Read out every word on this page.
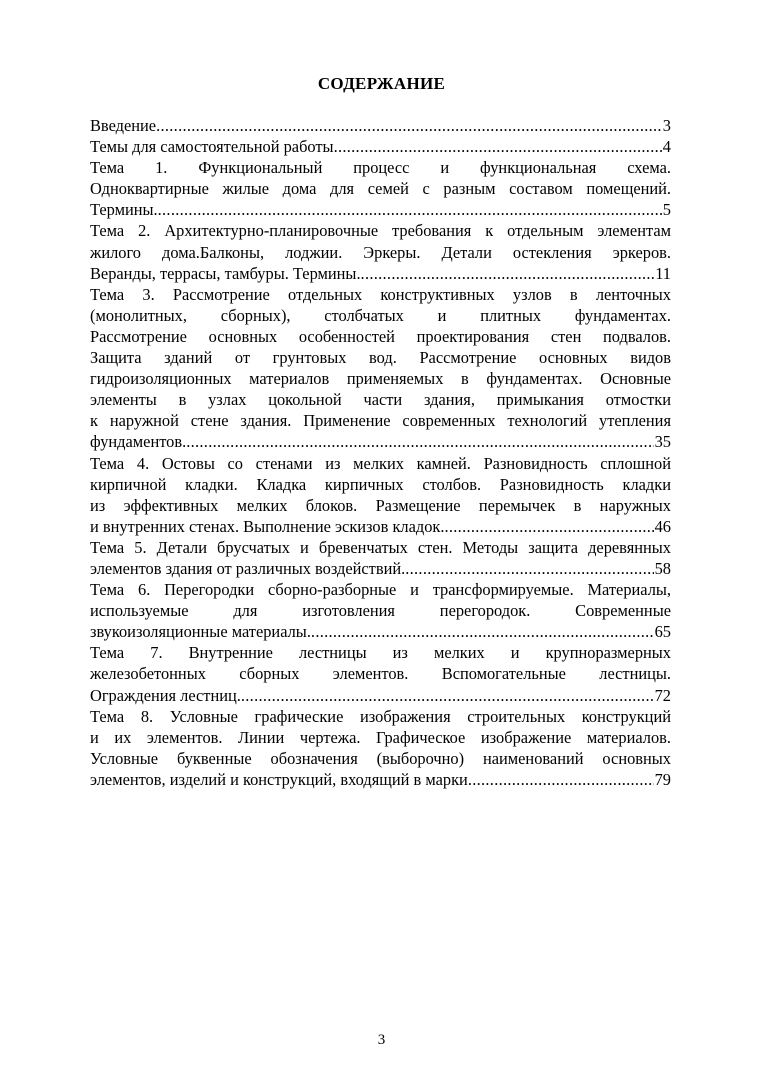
СОДЕРЖАНИЕ
Введение .....	3
Темы для самостоятельной работы .....	4
Тема 1. Функциональный процесс и функциональная схема.
Одноквартирные жилые дома для семей с разным составом помещений.
Термины. .....	5
Тема 2. Архитектурно-планировочные требования к отдельным элементам
жилого дома.Балконы, лоджии. Эркеры. Детали остекления эркеров.
Веранды, террасы, тамбуры. Термины. .....	11
Тема 3. Рассмотрение отдельных конструктивных узлов в ленточных
(монолитных, сборных), столбчатых и плитных фундаментах.
Рассмотрение основных особенностей проектирования стен подвалов.
Защита зданий от грунтовых вод. Рассмотрение основных видов
гидроизоляционных материалов применяемых в фундаментах. Основные
элементы в узлах цокольной части здания, примыкания отмостки
к наружной стене здания. Применение современных технологий утепления
фундаментов. .....	35
Тема 4. Остовы со стенами из мелких камней. Разновидность сплошной
кирпичной кладки. Кладка кирпичных столбов. Разновидность кладки
из эффективных мелких блоков. Размещение перемычек в наружных
и внутренних стенах. Выполнение эскизов кладок. .....	46
Тема 5. Детали брусчатых и бревенчатых стен. Методы защита деревянных
элементов здания от различных воздействий. .....	58
Тема 6. Перегородки сборно-разборные и трансформируемые. Материалы,
используемые для изготовления перегородок. Современные
звукоизоляционные материалы. .....	65
Тема 7. Внутренние лестницы из мелких и крупноразмерных
железобетонных сборных элементов. Вспомогательные лестницы.
Ограждения лестниц. .....	72
Тема 8. Условные графические изображения строительных конструкций
и их элементов. Линии чертежа. Графическое изображение материалов.
Условные буквенные обозначения (выборочно) наименований основных
элементов, изделий и конструкций, входящий в марки .....	79
3
